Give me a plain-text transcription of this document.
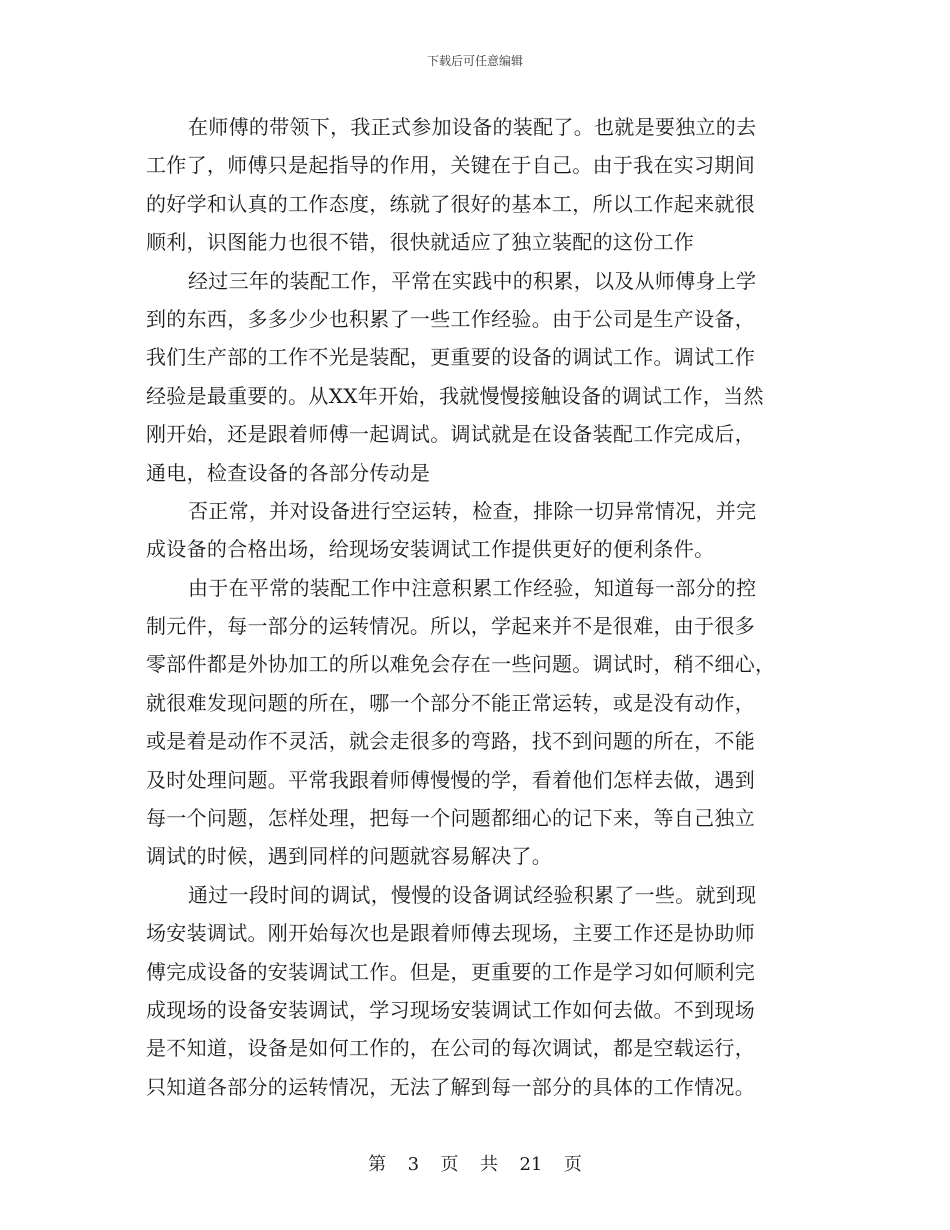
下载后可任意编辑
在师傅的带领下，我正式参加设备的装配了。也就是要独立的去
工作了，师傅只是起指导的作用，关键在于自己。由于我在实习期间
的好学和认真的工作态度，练就了很好的基本工，所以工作起来就很
顺利，识图能力也很不错，很快就适应了独立装配的这份工作
经过三年的装配工作，平常在实践中的积累，以及从师傅身上学
到的东西，多多少少也积累了一些工作经验。由于公司是生产设备，
我们生产部的工作不光是装配，更重要的设备的调试工作。调试工作
经验是最重要的。从XX年开始，我就慢慢接触设备的调试工作，当然
刚开始，还是跟着师傅一起调试。调试就是在设备装配工作完成后，
通电，检查设备的各部分传动是
否正常，并对设备进行空运转，检查，排除一切异常情况，并完
成设备的合格出场，给现场安装调试工作提供更好的便利条件。
由于在平常的装配工作中注意积累工作经验，知道每一部分的控
制元件，每一部分的运转情况。所以，学起来并不是很难，由于很多
零部件都是外协加工的所以难免会存在一些问题。调试时，稍不细心，
就很难发现问题的所在，哪一个部分不能正常运转，或是没有动作，
或是着是动作不灵活，就会走很多的弯路，找不到问题的所在，不能
及时处理问题。平常我跟着师傅慢慢的学，看着他们怎样去做，遇到
每一个问题，怎样处理，把每一个问题都细心的记下来，等自己独立
调试的时候，遇到同样的问题就容易解决了。
通过一段时间的调试，慢慢的设备调试经验积累了一些。就到现
场安装调试。刚开始每次也是跟着师傅去现场，主要工作还是协助师
傅完成设备的安装调试工作。但是，更重要的工作是学习如何顺利完
成现场的设备安装调试，学习现场安装调试工作如何去做。不到现场
是不知道，设备是如何工作的，在公司的每次调试，都是空载运行，
只知道各部分的运转情况，无法了解到每一部分的具体的工作情况。
第 3 页 共 21 页
